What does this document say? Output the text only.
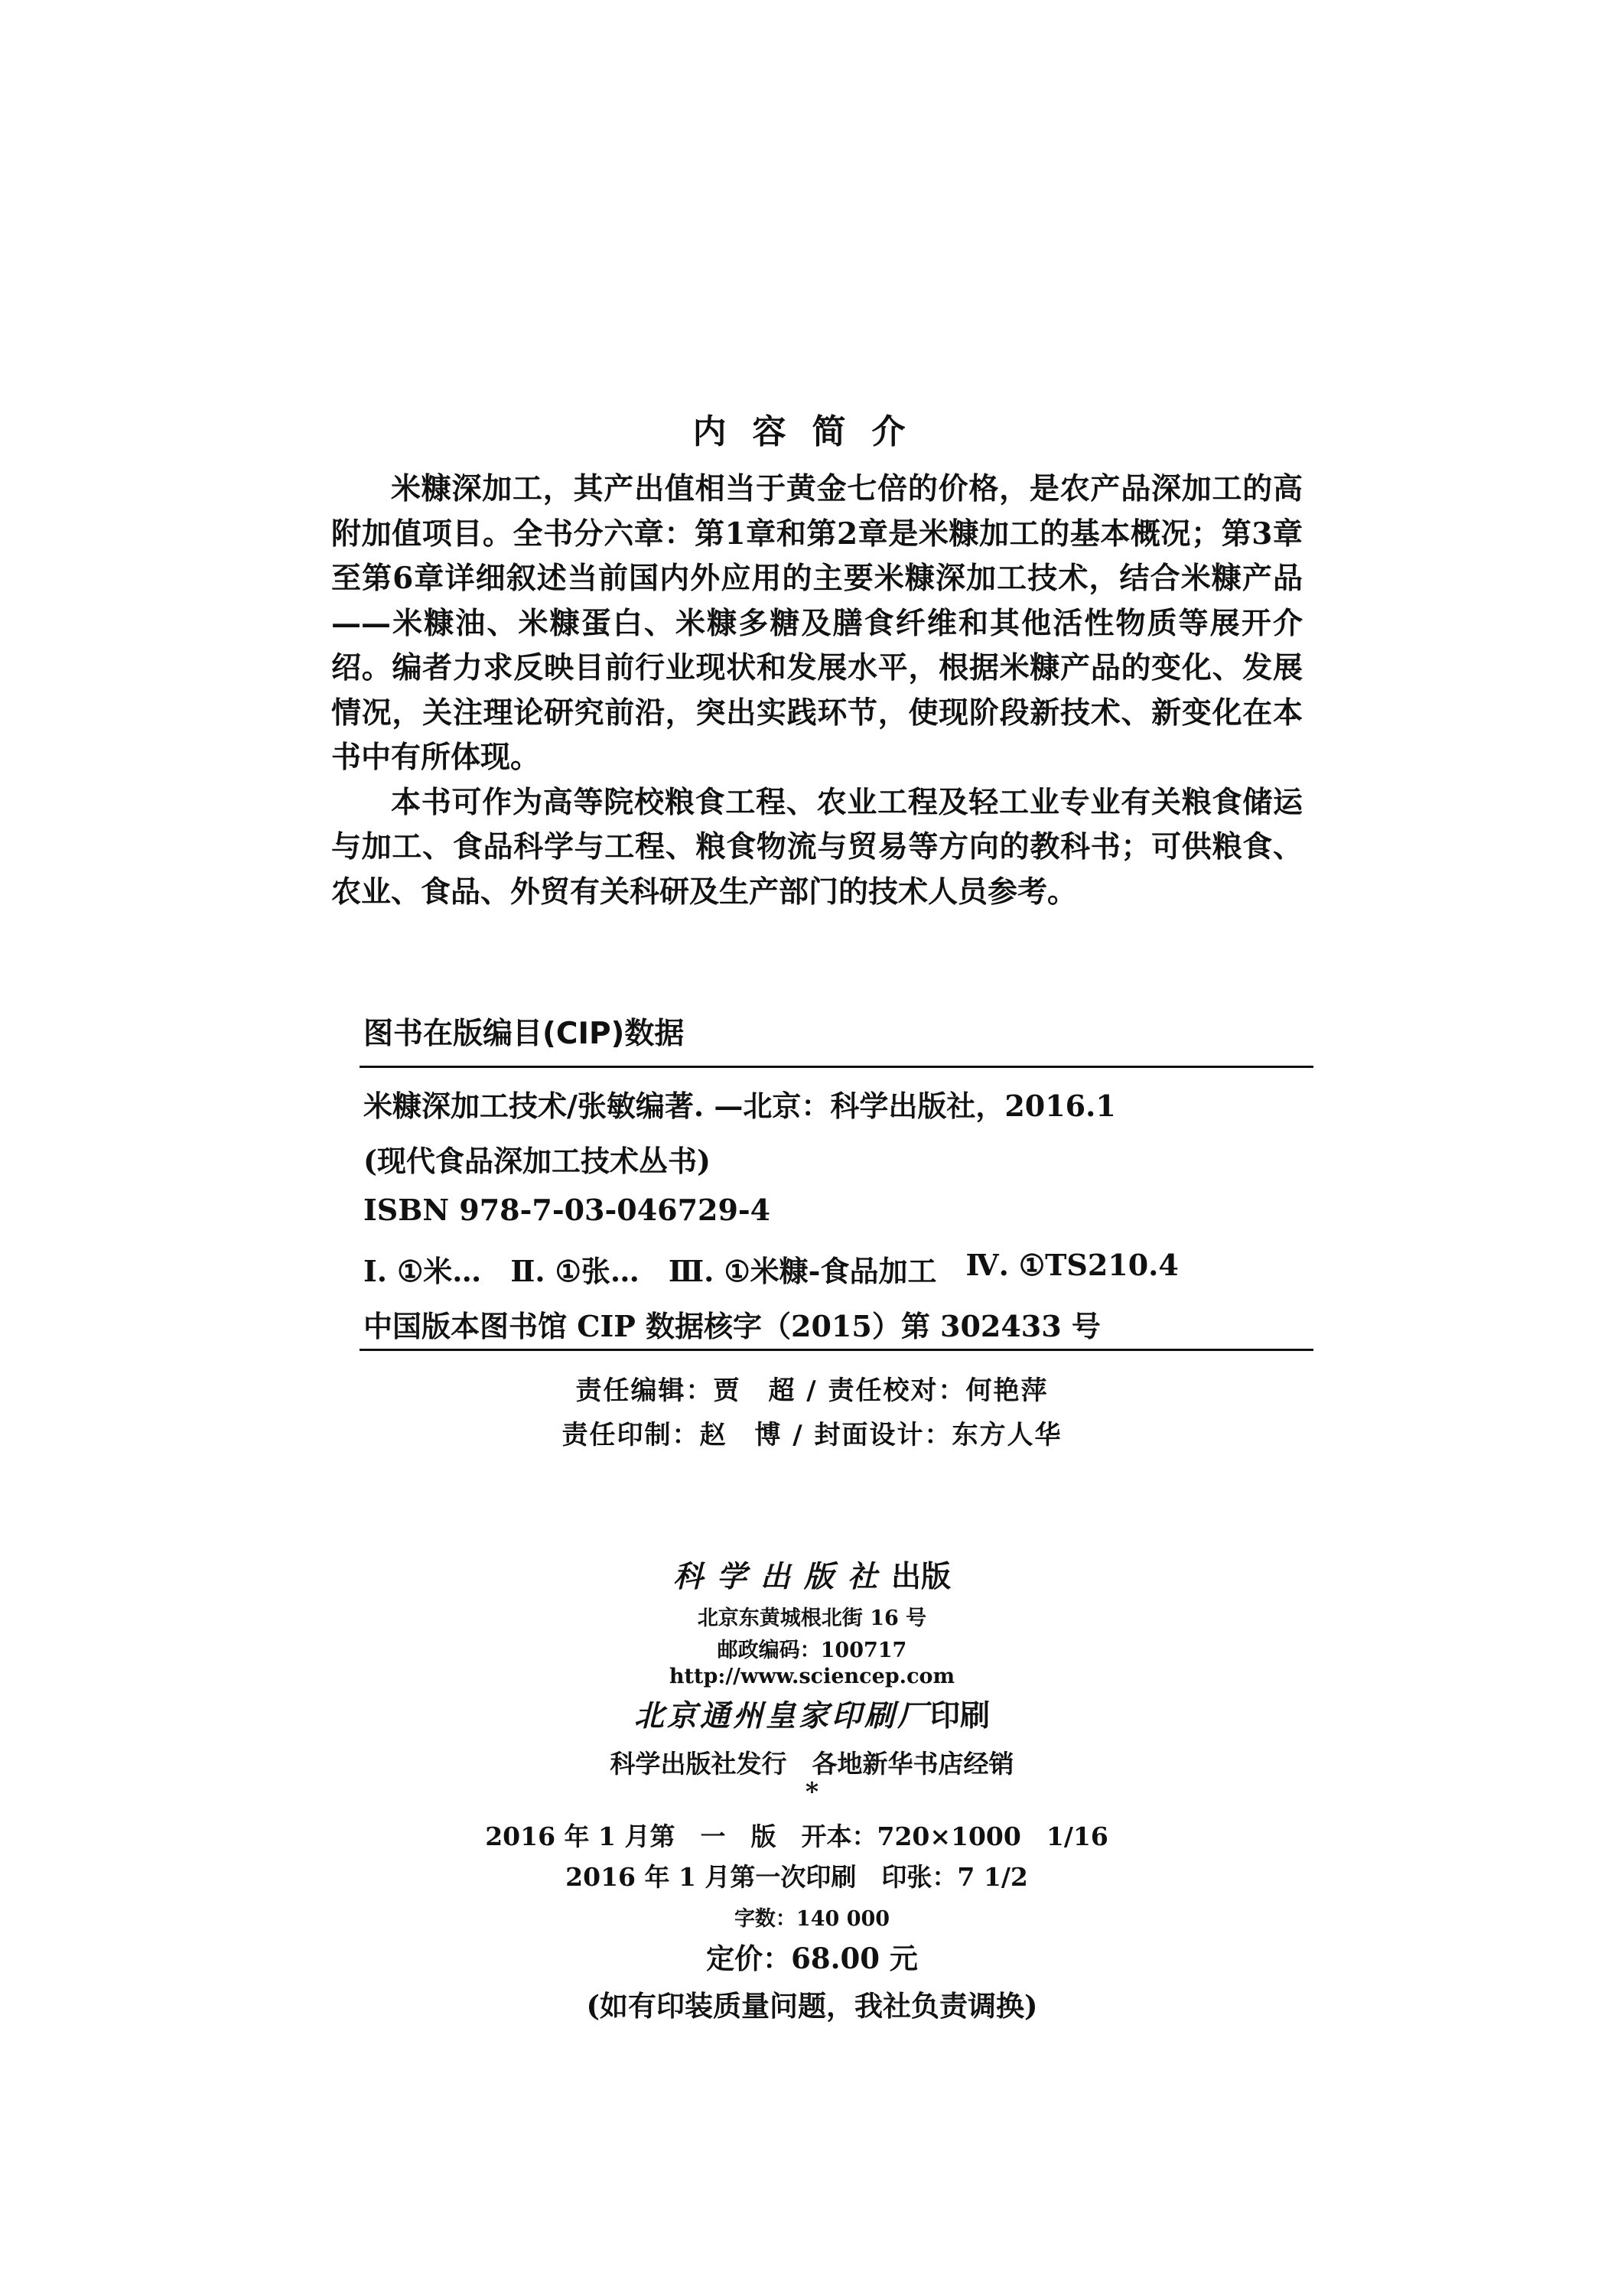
内容简介

米糠深加工，其产出值相当于黄金七倍的价格，是农产品深加工的高附加值项目。全书分六章：第1章和第2章是米糠加工的基本概况；第3章至第6章详细叙述当前国内外应用的主要米糠深加工技术，结合米糠产品——米糠油、米糠蛋白、米糠多糖及膳食纤维和其他活性物质等展开介绍。编者力求反映目前行业现状和发展水平，根据米糠产品的变化、发展情况，关注理论研究前沿，突出实践环节，使现阶段新技术、新变化在本书中有所体现。

本书可作为高等院校粮食工程、农业工程及轻工业专业有关粮食储运与加工、食品科学与工程、粮食物流与贸易等方向的教科书；可供粮食、农业、食品、外贸有关科研及生产部门的技术人员参考。

图书在版编目(CIP)数据
米糠深加工技术/张敏编著. —北京：科学出版社，2016.1
(现代食品深加工技术丛书)
ISBN 978-7-03-046729-4
Ⅰ. ①米… Ⅱ. ①张… Ⅲ. ①米糠-食品加工 Ⅳ. ①TS210.4
中国版本图书馆 CIP 数据核字（2015）第 302433 号
责任编辑：贾　超 / 责任校对：何艳萍
责任印制：赵　博 / 封面设计：东方人华
科学出版社出版
北京东黄城根北街 16 号
邮政编码：100717
http://www.sciencep.com
北京通州皇家印刷厂印刷
科学出版社发行　各地新华书店经销
*
2016 年 1 月第　一　版　开本：720×1000　1/16
2016 年 1 月第一次印刷　印张：7 1/2
字数：140 000
定价：68.00 元
(如有印装质量问题，我社负责调换)
